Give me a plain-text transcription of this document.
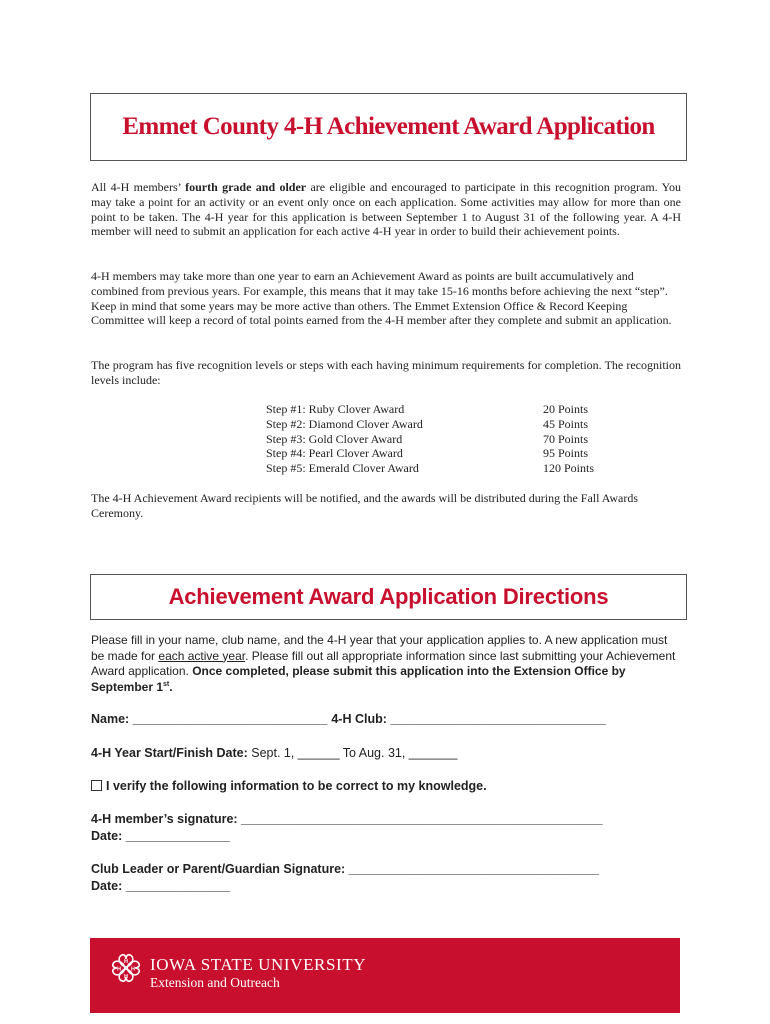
Emmet County 4-H Achievement Award Application

All 4-H members’ fourth grade and older are eligible and encouraged to participate in this recognition program. You may take a point for an activity or an event only once on each application. Some activities may allow for more than one point to be taken. The 4-H year for this application is between September 1 to August 31 of the following year. A 4-H member will need to submit an application for each active 4-H year in order to build their achievement points.

4-H members may take more than one year to earn an Achievement Award as points are built accumulatively and combined from previous years. For example, this means that it may take 15-16 months before achieving the next “step”. Keep in mind that some years may be more active than others. The Emmet Extension Office & Record Keeping Committee will keep a record of total points earned from the 4-H member after they complete and submit an application.

The program has five recognition levels or steps with each having minimum requirements for completion. The recognition levels include:

Step #1: Ruby Clover Award	20 Points
Step #2: Diamond Clover Award	45 Points
Step #3: Gold Clover Award	70 Points
Step #4: Pearl Clover Award	95 Points
Step #5: Emerald Clover Award	120 Points

The 4-H Achievement Award recipients will be notified, and the awards will be distributed during the Fall Awards Ceremony.

Achievement Award Application Directions

Please fill in your name, club name, and the 4-H year that your application applies to. A new application must be made for each active year. Please fill out all appropriate information since last submitting your Achievement Award application. Once completed, please submit this application into the Extension Office by September 1st.

Name: ____________________________ 4-H Club: _______________________________
4-H Year Start/Finish Date: Sept. 1, ______ To Aug. 31, _______
I verify the following information to be correct to my knowledge.
4-H member’s signature: ____________________________________________________
Date: _______________
Club Leader or Parent/Guardian Signature: ____________________________________
Date: _______________
H
H
H H IOWA STATE UNIVERSITY
Extension and Outreach
